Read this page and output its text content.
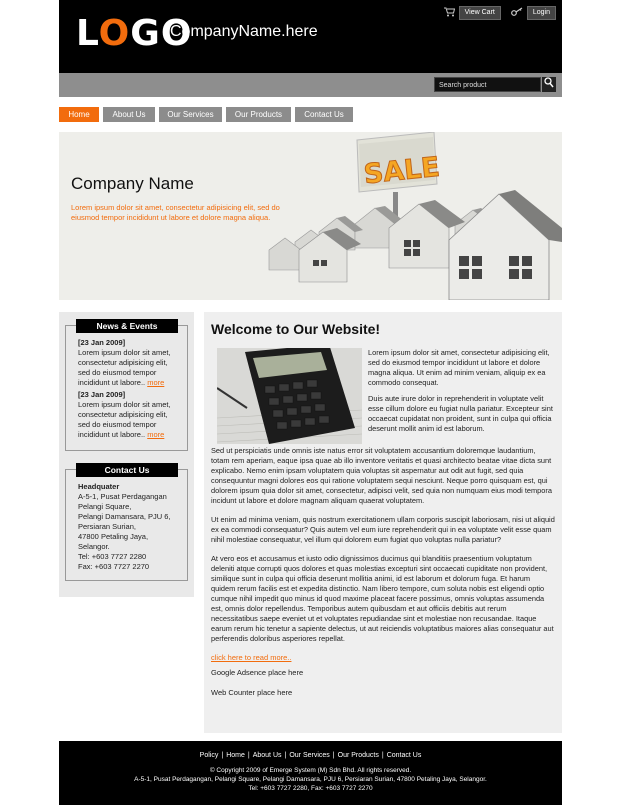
LOGO
CompanyName.here
View Cart	Login
Search product
Home	About Us	Our Services	Our Products	Contact Us
Company Name
Lorem ipsum dolor sit amet, consectetur adipisicing elit, sed do eiusmod tempor incididunt ut labore et dolore magna aliqua.
SALE
News & Events
[23 Jan 2009]
Lorem ipsum dolor sit amet, consectetur adipisicing elit, sed do eiusmod tempor incididunt ut labore.. more
[23 Jan 2009]
Lorem ipsum dolor sit amet, consectetur adipisicing elit, sed do eiusmod tempor incididunt ut labore.. more
Contact Us
Headquater
A-5-1, Pusat Perdagangan
Pelangi Square,
Pelangi Damansara, PJU 6,
Persiaran Surian,
47800 Petaling Jaya,
Selangor.
Tel: +603 7727 2280
Fax: +603 7727 2270
Welcome to Our Website!

Lorem ipsum dolor sit amet, consectetur adipisicing elit, sed do eiusmod tempor incididunt ut labore et dolore magna aliqua. Ut enim ad minim veniam, aliquip ex ea commodo consequat.

Duis aute irure dolor in reprehenderit in voluptate velit esse cillum dolore eu fugiat nulla pariatur. Excepteur sint occaecat cupidatat non proident, sunt in culpa qui officia deserunt mollit anim id est laborum.

Sed ut perspiciatis unde omnis iste natus error sit voluptatem accusantium doloremque laudantium, totam rem aperiam, eaque ipsa quae ab illo inventore veritatis et quasi architecto beatae vitae dicta sunt explicabo. Nemo enim ipsam voluptatem quia voluptas sit aspernatur aut odit aut fugit, sed quia consequuntur magni dolores eos qui ratione voluptatem sequi nesciunt. Neque porro quisquam est, qui dolorem ipsum quia dolor sit amet, consectetur, adipisci velit, sed quia non numquam eius modi tempora incidunt ut labore et dolore magnam aliquam quaerat voluptatem.

Ut enim ad minima veniam, quis nostrum exercitationem ullam corporis suscipit laboriosam, nisi ut aliquid ex ea commodi consequatur? Quis autem vel eum iure reprehenderit qui in ea voluptate velit esse quam nihil molestiae consequatur, vel illum qui dolorem eum fugiat quo voluptas nulla pariatur?

At vero eos et accusamus et iusto odio dignissimos ducimus qui blanditiis praesentium voluptatum deleniti atque corrupti quos dolores et quas molestias excepturi sint occaecati cupiditate non provident, similique sunt in culpa qui officia deserunt mollitia animi, id est laborum et dolorum fuga. Et harum quidem rerum facilis est et expedita distinctio. Nam libero tempore, cum soluta nobis est eligendi optio cumque nihil impedit quo minus id quod maxime placeat facere possimus, omnis voluptas assumenda est, omnis dolor repellendus. Temporibus autem quibusdam et aut officiis debitis aut rerum necessitatibus saepe eveniet ut et voluptates repudiandae sint et molestiae non recusandae. Itaque earum rerum hic tenetur a sapiente delectus, ut aut reiciendis voluptatibus maiores alias consequatur aut perferendis doloribus asperiores repellat.

click here to read more..
Google Adsence place here
Web Counter place here
Policy | Home | About Us | Our Services | Our Products | Contact Us
© Copyright 2009 of Emerge System (M) Sdn Bhd. All rights reserved.
A-5-1, Pusat Perdagangan, Pelangi Square, Pelangi Damansara, PJU 6, Persiaran Surian, 47800 Petaling Jaya, Selangor.
Tel: +603 7727 2280, Fax: +603 7727 2270
